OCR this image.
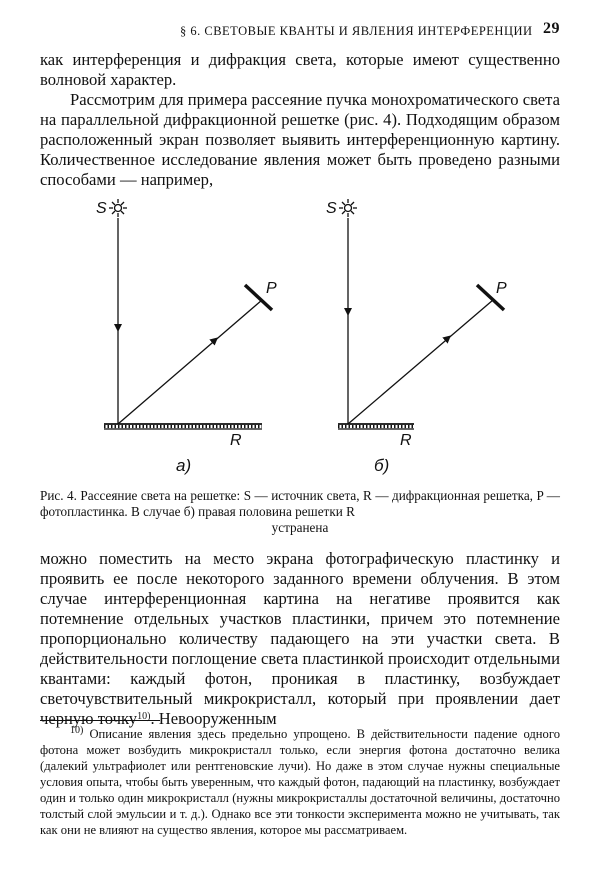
§ 6. СВЕТОВЫЕ КВАНТЫ И ЯВЛЕНИЯ ИНТЕРФЕРЕНЦИИ 29

как интерференция и дифракция света, которые имеют существенно волновой характер.

Рассмотрим для примера рассеяние пучка монохроматического света на параллельной дифракционной решетке (рис. 4). Подходящим образом расположенный экран позволяет выявить интерференционную картину. Количественное исследование явления может быть проведено разными способами — например,

S	S
P	P
R	R
а)	б)
Рис. 4. Рассеяние света на решетке: S — источник света, R — дифракционная решетка, P — фотопластинка. В случае б) правая половина решетки R
устранена

можно поместить на место экрана фотографическую пластинку и проявить ее после некоторого заданного времени облучения. В этом случае интерференционная картина на негативе проявится как потемнение отдельных участков пластинки, причем это потемнение пропорционально количеству падающего на эти участки света. В действительности поглощение света пластинкой происходит отдельными квантами: каждый фотон, проникая в пластинку, возбуждает светочувствительный микрокристалл, который при проявлении дает черную точку$^{10)}$. Невооруженным

$^{10)}$ Описание явления здесь предельно упрощено. В действительности падение одного фотона может возбудить микрокристалл только, если энергия фотона достаточно велика (далекий ультрафиолет или рентгеновские лучи). Но даже в этом случае нужны специальные условия опыта, чтобы быть уверенным, что каждый фотон, падающий на пластинку, возбуждает один и только один микрокристалл (нужны микрокристаллы достаточной величины, достаточно толстый слой эмульсии и т. д.). Однако все эти тонкости эксперимента можно не учитывать, так как они не влияют на существо явления, которое мы рассматриваем.
